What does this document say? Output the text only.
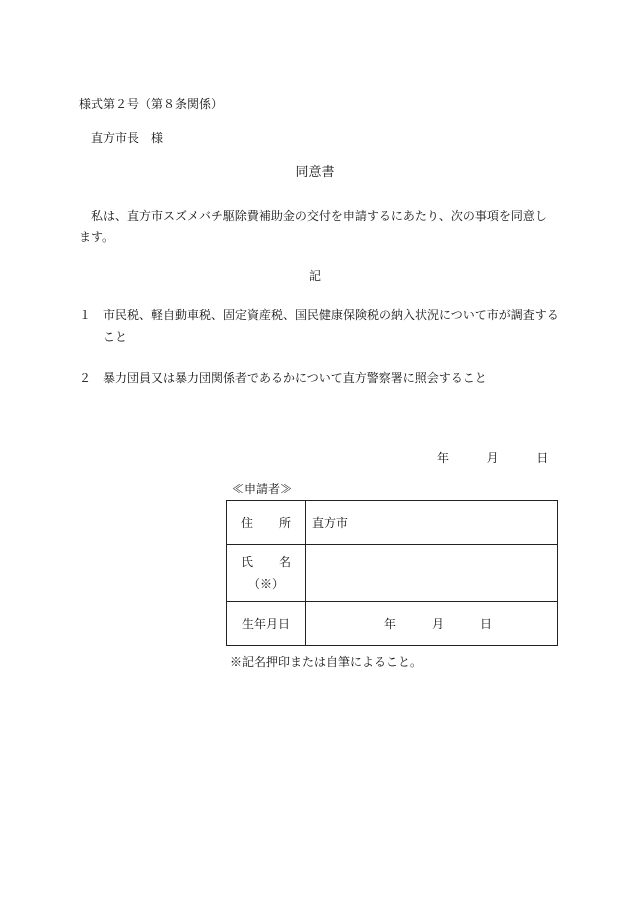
様式第２号（第８条関係）
直方市長　様
同意書
私は、直方市スズメバチ駆除費補助金の交付を申請するにあたり、次の事項を同意します。
記
１ 市民税、軽自動車税、固定資産税、国民健康保険税の納入状況について市が調査すること
２ 暴力団員又は暴力団関係者であるかについて直方警察署に照会すること
年	月	日
≪申請者≫
住 所	直方市

氏 名
（※）	

生年月日	年 月 日
※記名押印または自筆によること。
